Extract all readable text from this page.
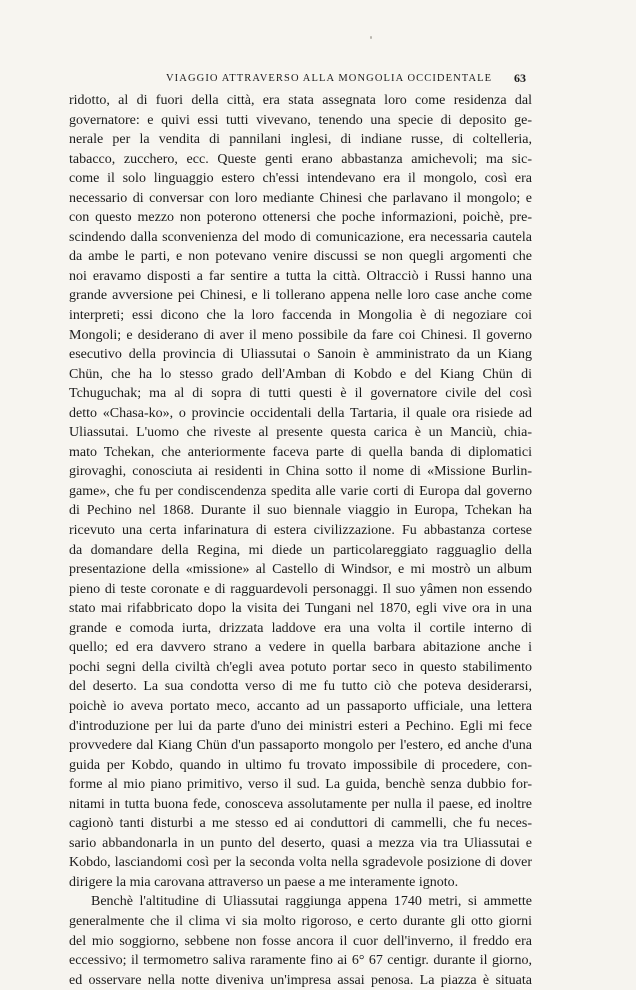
VIAGGIO ATTRAVERSO ALLA MONGOLIA OCCIDENTALE 63
ridotto, al di fuori della città, era stata assegnata loro come residenza dal
governatore: e quivi essi tutti vivevano, tenendo una specie di deposito ge-
nerale per la vendita di pannilani inglesi, di indiane russe, di coltelleria,
tabacco, zucchero, ecc. Queste genti erano abbastanza amichevoli; ma sic-
come il solo linguaggio estero ch'essi intendevano era il mongolo, così era
necessario di conversar con loro mediante Chinesi che parlavano il mongolo; e
con questo mezzo non poterono ottenersi che poche informazioni, poichè, pre-
scindendo dalla sconvenienza del modo di comunicazione, era necessaria cautela
da ambe le parti, e non potevano venire discussi se non quegli argomenti che
noi eravamo disposti a far sentire a tutta la città. Oltracciò i Russi hanno una
grande avversione pei Chinesi, e li tollerano appena nelle loro case anche come
interpreti; essi dicono che la loro faccenda in Mongolia è di negoziare coi
Mongoli; e desiderano di aver il meno possibile da fare coi Chinesi. Il governo
esecutivo della provincia di Uliassutai o Sanoin è amministrato da un Kiang
Chün, che ha lo stesso grado dell'Amban di Kobdo e del Kiang Chün di
Tchuguchak; ma al di sopra di tutti questi è il governatore civile del così
detto «Chasa-ko», o provincie occidentali della Tartaria, il quale ora risiede ad
Uliassutai. L'uomo che riveste al presente questa carica è un Manciù, chia-
mato Tchekan, che anteriormente faceva parte di quella banda di diplomatici
girovaghi, conosciuta ai residenti in China sotto il nome di «Missione Burlin-
game», che fu per condiscendenza spedita alle varie corti di Europa dal governo
di Pechino nel 1868. Durante il suo biennale viaggio in Europa, Tchekan ha
ricevuto una certa infarinatura di estera civilizzazione. Fu abbastanza cortese
da domandare della Regina, mi diede un particolareggiato ragguaglio della
presentazione della «missione» al Castello di Windsor, e mi mostrò un album
pieno di teste coronate e di ragguardevoli personaggi. Il suo yâmen non essendo
stato mai rifabbricato dopo la visita dei Tungani nel 1870, egli vive ora in una
grande e comoda iurta, drizzata laddove era una volta il cortile interno di
quello; ed era davvero strano a vedere in quella barbara abitazione anche i
pochi segni della civiltà ch'egli avea potuto portar seco in questo stabilimento
del deserto. La sua condotta verso di me fu tutto ciò che poteva desiderarsi,
poichè io aveva portato meco, accanto ad un passaporto ufficiale, una lettera
d'introduzione per lui da parte d'uno dei ministri esteri a Pechino. Egli mi fece
provvedere dal Kiang Chün d'un passaporto mongolo per l'estero, ed anche d'una
guida per Kobdo, quando in ultimo fu trovato impossibile di procedere, con-
forme al mio piano primitivo, verso il sud. La guida, benchè senza dubbio for-
nitami in tutta buona fede, conosceva assolutamente per nulla il paese, ed inoltre
cagionò tanti disturbi a me stesso ed ai conduttori di cammelli, che fu neces-
sario abbandonarla in un punto del deserto, quasi a mezza via tra Uliassutai e
Kobdo, lasciandomi così per la seconda volta nella sgradevole posizione di dover
dirigere la mia carovana attraverso un paese a me interamente ignoto.
Benchè l'altitudine di Uliassutai raggiunga appena 1740 metri, si ammette
generalmente che il clima vi sia molto rigoroso, e certo durante gli otto giorni
del mio soggiorno, sebbene non fosse ancora il cuor dell'inverno, il freddo era
eccessivo; il termometro saliva raramente fino ai 6° 67 centigr. durante il giorno,
ed osservare nella notte diveniva un'impresa assai penosa. La piazza è situata
